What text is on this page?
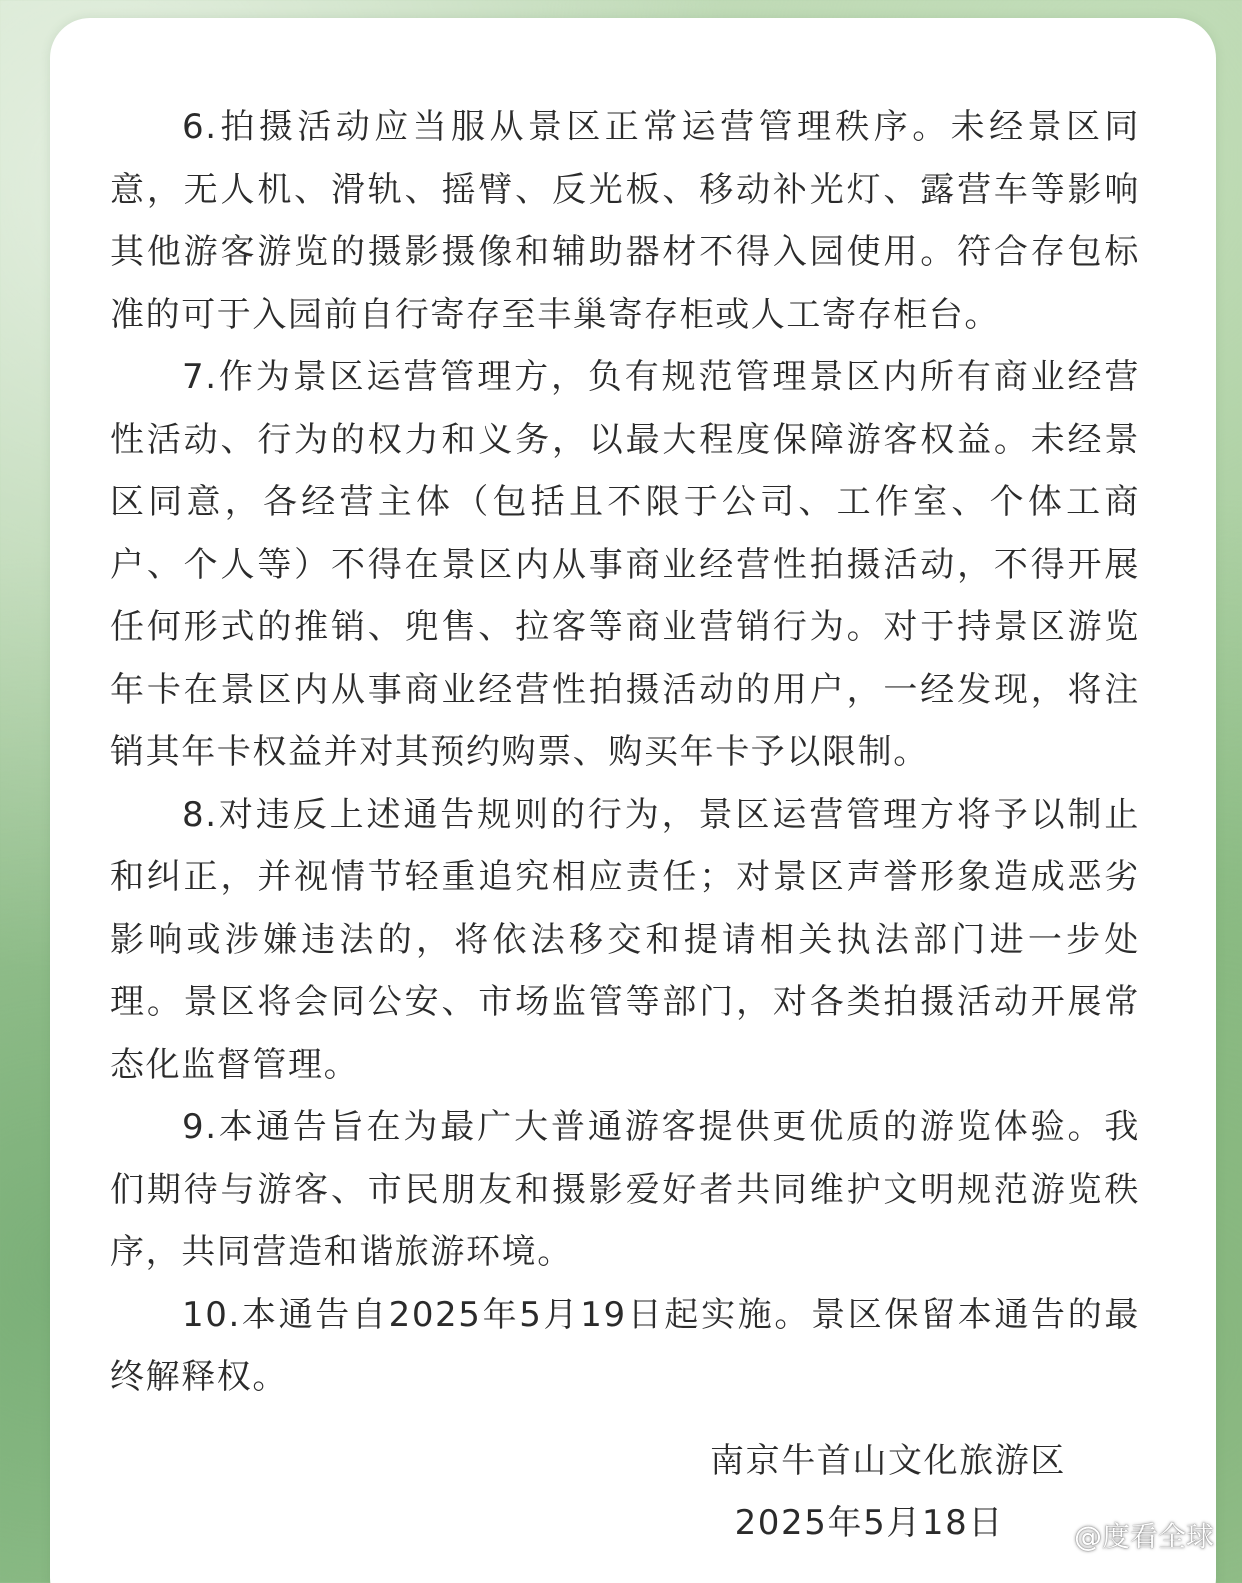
6.拍摄活动应当服从景区正常运营管理秩序。未经景区同意，无人机、滑轨、摇臂、反光板、移动补光灯、露营车等影响其他游客游览的摄影摄像和辅助器材不得入园使用。符合存包标准的可于入园前自行寄存至丰巢寄存柜或人工寄存柜台。

7.作为景区运营管理方，负有规范管理景区内所有商业经营性活动、行为的权力和义务，以最大程度保障游客权益。未经景区同意，各经营主体（包括且不限于公司、工作室、个体工商户、个人等）不得在景区内从事商业经营性拍摄活动，不得开展任何形式的推销、兜售、拉客等商业营销行为。对于持景区游览年卡在景区内从事商业经营性拍摄活动的用户，一经发现，将注销其年卡权益并对其预约购票、购买年卡予以限制。

8.对违反上述通告规则的行为，景区运营管理方将予以制止和纠正，并视情节轻重追究相应责任；对景区声誉形象造成恶劣影响或涉嫌违法的，将依法移交和提请相关执法部门进一步处理。景区将会同公安、市场监管等部门，对各类拍摄活动开展常态化监督管理。

9.本通告旨在为最广大普通游客提供更优质的游览体验。我们期待与游客、市民朋友和摄影爱好者共同维护文明规范游览秩序，共同营造和谐旅游环境。

10.本通告自2025年5月19日起实施。景区保留本通告的最终解释权。

南京牛首山文化旅游区
2025年5月18日 @度看全球
